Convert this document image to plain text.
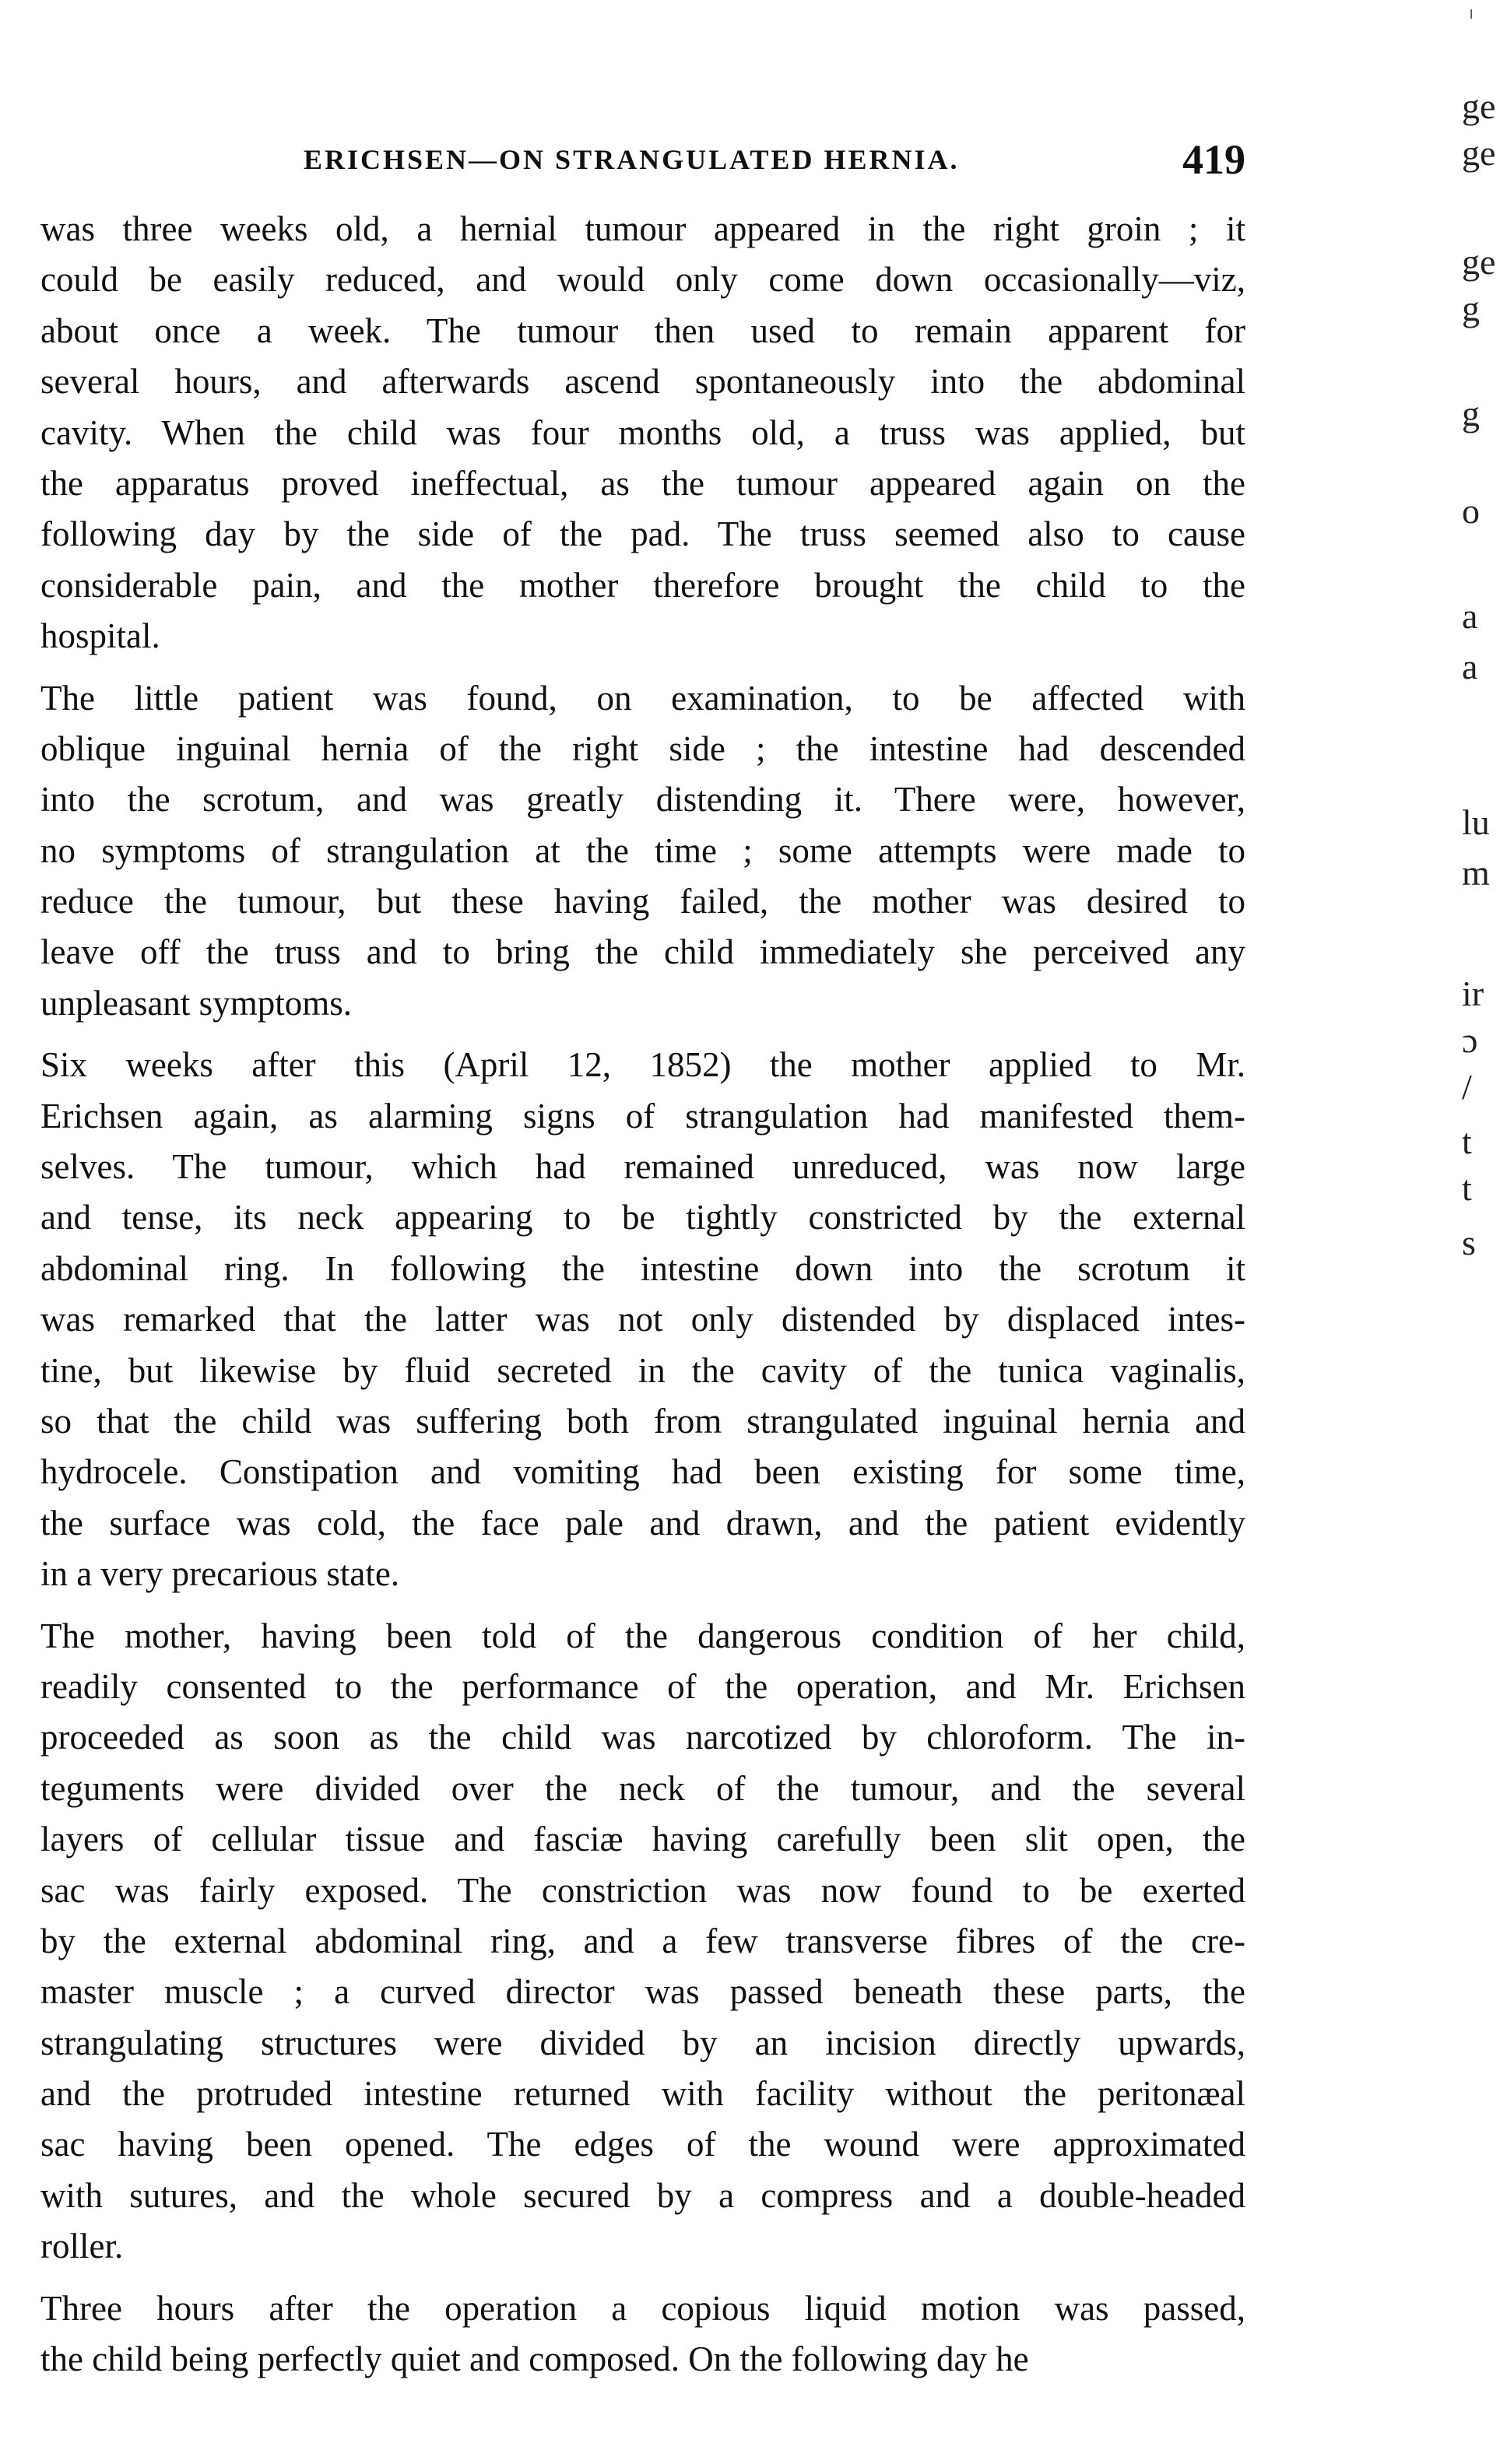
ERICHSEN—ON STRANGULATED HERNIA.	419
was three weeks old, a hernial tumour appeared in the right groin ; it
could be easily reduced, and would only come down occasionally—viz,
about once a week. The tumour then used to remain apparent for
several hours, and afterwards ascend spontaneously into the abdominal
cavity. When the child was four months old, a truss was applied, but
the apparatus proved ineffectual, as the tumour appeared again on the
following day by the side of the pad. The truss seemed also to cause
considerable pain, and the mother therefore brought the child to the
hospital.
The little patient was found, on examination, to be affected with
oblique inguinal hernia of the right side ; the intestine had descended
into the scrotum, and was greatly distending it. There were, however,
no symptoms of strangulation at the time ; some attempts were made to
reduce the tumour, but these having failed, the mother was desired to
leave off the truss and to bring the child immediately she perceived any
unpleasant symptoms.
Six weeks after this (April 12, 1852) the mother applied to Mr.
Erichsen again, as alarming signs of strangulation had manifested them-
selves. The tumour, which had remained unreduced, was now large
and tense, its neck appearing to be tightly constricted by the external
abdominal ring. In following the intestine down into the scrotum it
was remarked that the latter was not only distended by displaced intes-
tine, but likewise by fluid secreted in the cavity of the tunica vaginalis,
so that the child was suffering both from strangulated inguinal hernia and
hydrocele. Constipation and vomiting had been existing for some time,
the surface was cold, the face pale and drawn, and the patient evidently
in a very precarious state.
The mother, having been told of the dangerous condition of her child,
readily consented to the performance of the operation, and Mr. Erichsen
proceeded as soon as the child was narcotized by chloroform. The in-
teguments were divided over the neck of the tumour, and the several
layers of cellular tissue and fasciæ having carefully been slit open, the
sac was fairly exposed. The constriction was now found to be exerted
by the external abdominal ring, and a few transverse fibres of the cre-
master muscle ; a curved director was passed beneath these parts, the
strangulating structures were divided by an incision directly upwards,
and the protruded intestine returned with facility without the peritonæal
sac having been opened. The edges of the wound were approximated
with sutures, and the whole secured by a compress and a double-headed
roller.
Three hours after the operation a copious liquid motion was passed,
the child being perfectly quiet and composed. On the following day he
ge
ge
ge
g
g
o
a
a
lu
m
ir
ɔ
/
t
t
s
╷
